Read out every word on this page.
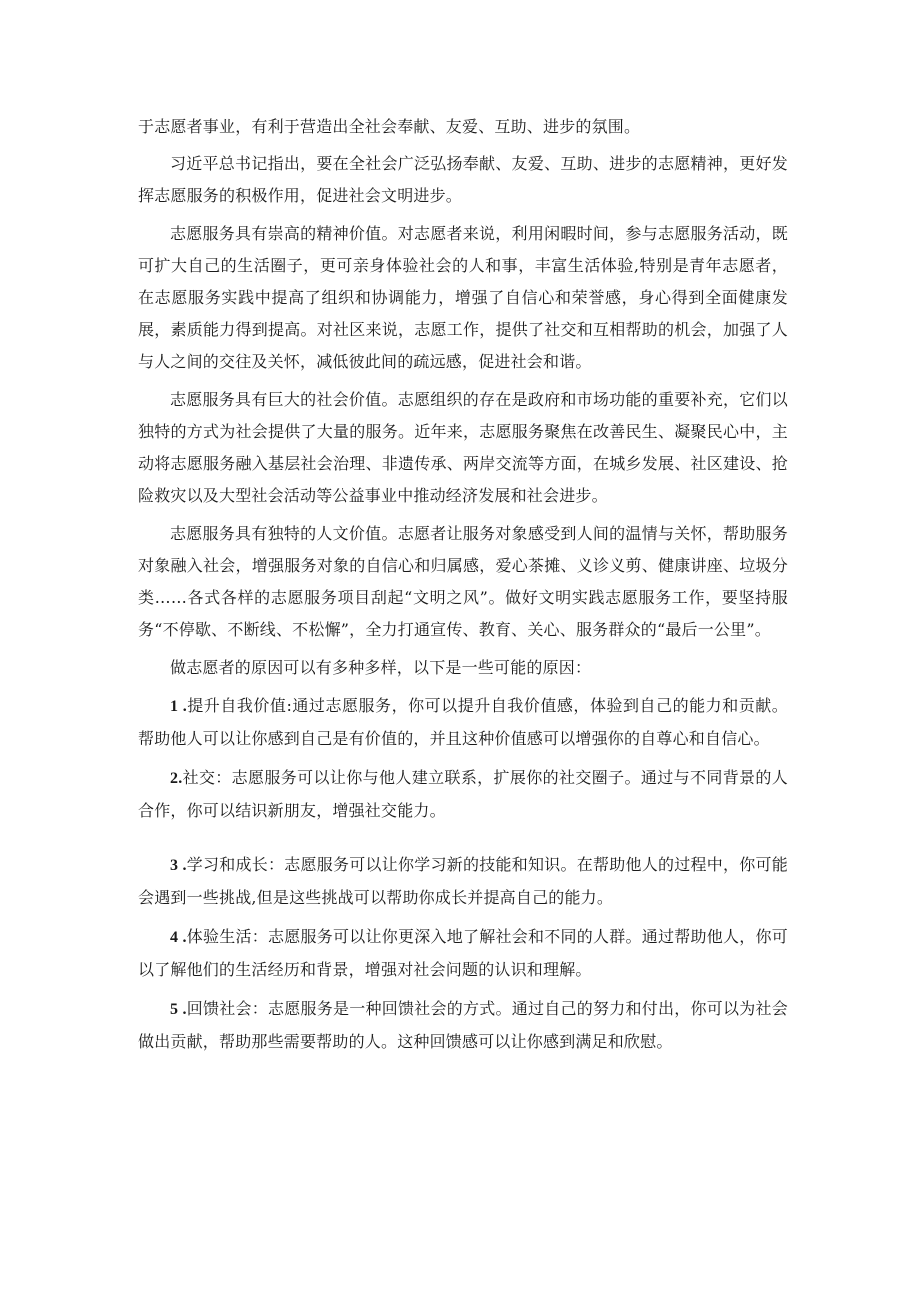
于志愿者事业，有利于营造出全社会奉献、友爱、互助、进步的氛围。

习近平总书记指出，要在全社会广泛弘扬奉献、友爱、互助、进步的志愿精神，更好发挥志愿服务的积极作用，促进社会文明进步。

志愿服务具有崇高的精神价值。对志愿者来说，利用闲暇时间，参与志愿服务活动，既可扩大自己的生活圈子，更可亲身体验社会的人和事，丰富生活体验,特别是青年志愿者，在志愿服务实践中提高了组织和协调能力，增强了自信心和荣誉感，身心得到全面健康发展，素质能力得到提高。对社区来说，志愿工作，提供了社交和互相帮助的机会，加强了人与人之间的交往及关怀，减低彼此间的疏远感，促进社会和谐。

志愿服务具有巨大的社会价值。志愿组织的存在是政府和市场功能的重要补充，它们以独特的方式为社会提供了大量的服务。近年来，志愿服务聚焦在改善民生、凝聚民心中，主动将志愿服务融入基层社会治理、非遗传承、两岸交流等方面，在城乡发展、社区建设、抢险救灾以及大型社会活动等公益事业中推动经济发展和社会进步。

志愿服务具有独特的人文价值。志愿者让服务对象感受到人间的温情与关怀，帮助服务对象融入社会，增强服务对象的自信心和归属感，爱心茶摊、义诊义剪、健康讲座、垃圾分类……各式各样的志愿服务项目刮起“文明之风”。做好文明实践志愿服务工作，要坚持服务“不停歇、不断线、不松懈”，全力打通宣传、教育、关心、服务群众的“最后一公里”。

做志愿者的原因可以有多种多样，以下是一些可能的原因：

1 .提升自我价值:通过志愿服务，你可以提升自我价值感，体验到自己的能力和贡献。帮助他人可以让你感到自己是有价值的，并且这种价值感可以增强你的自尊心和自信心。

2.社交：志愿服务可以让你与他人建立联系，扩展你的社交圈子。通过与不同背景的人合作，你可以结识新朋友，增强社交能力。

3 .学习和成长：志愿服务可以让你学习新的技能和知识。在帮助他人的过程中，你可能会遇到一些挑战,但是这些挑战可以帮助你成长并提高自己的能力。

4 .体验生活：志愿服务可以让你更深入地了解社会和不同的人群。通过帮助他人，你可以了解他们的生活经历和背景，增强对社会问题的认识和理解。

5 .回馈社会：志愿服务是一种回馈社会的方式。通过自己的努力和付出，你可以为社会做出贡献，帮助那些需要帮助的人。这种回馈感可以让你感到满足和欣慰。
